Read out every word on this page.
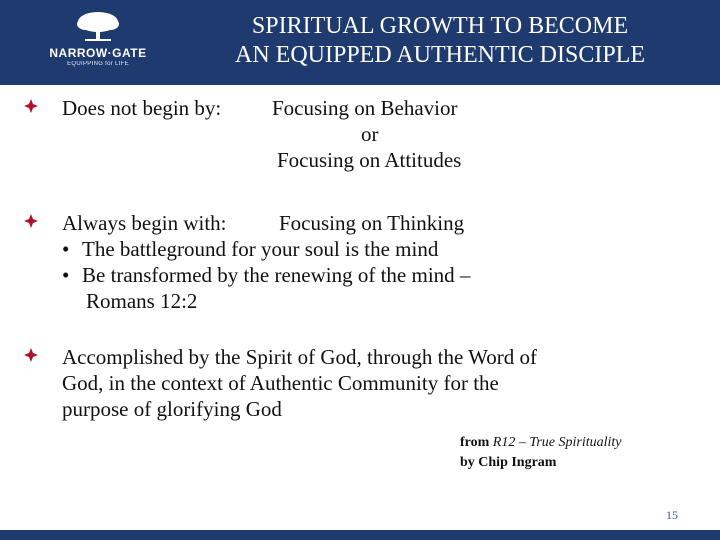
NARROW·GATE
EQUIPPING for LIFE
SPIRITUAL GROWTH TO BECOME
AN EQUIPPED AUTHENTIC DISCIPLE
Does not begin by: Focusing on Behavior
or
Focusing on Attitudes
Always begin with:	Focusing on Thinking
• The battleground for your soul is the mind
• Be transformed by the renewing of the mind –
Romans 12:2
Accomplished by the Spirit of God, through the Word of
God, in the context of Authentic Community for the
purpose of glorifying God
from R12 – True Spirituality
by Chip Ingram
15
